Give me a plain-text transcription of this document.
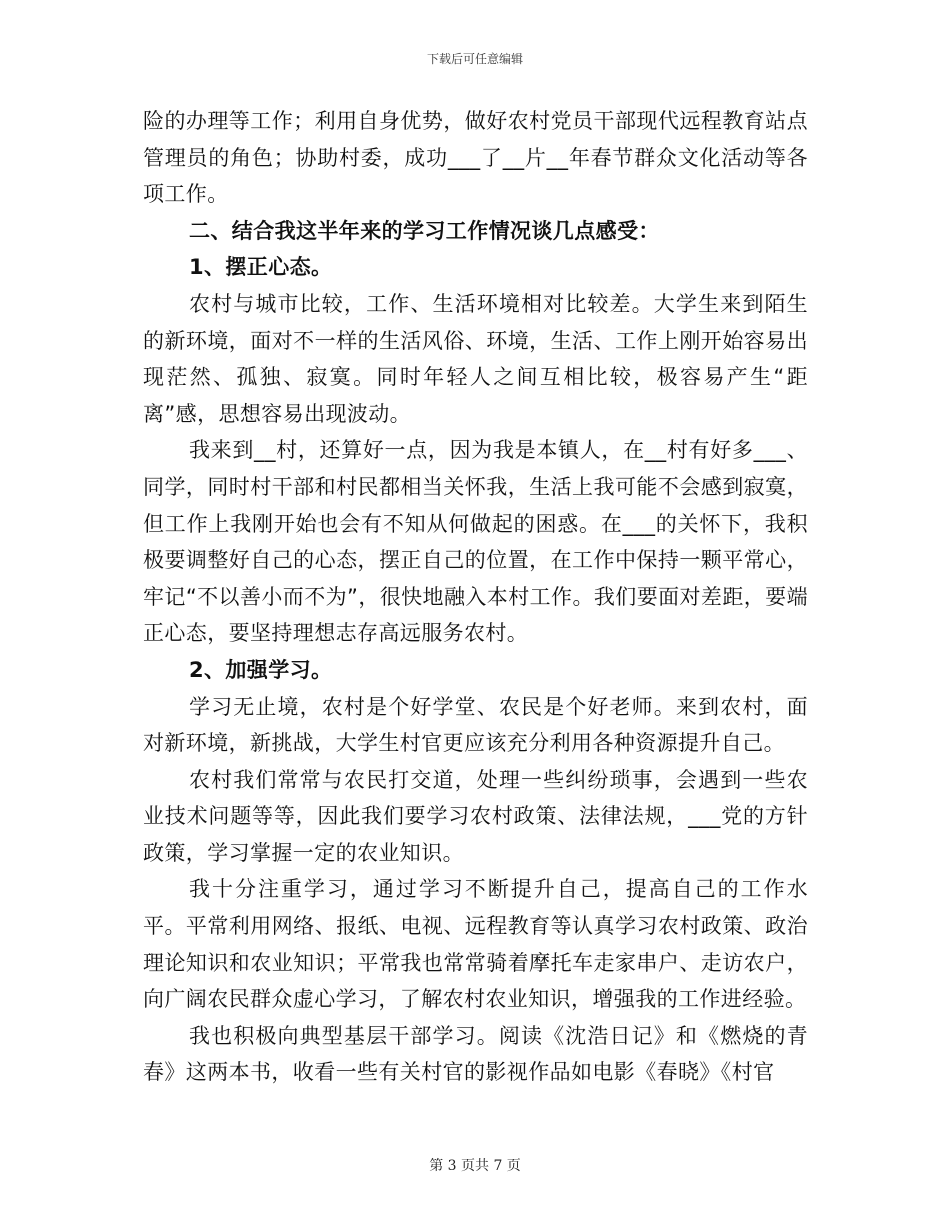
下载后可任意编辑

险的办理等工作；利用自身优势，做好农村党员干部现代远程教育站点管理员的角色；协助村委，成功___了__片__年春节群众文化活动等各项工作。

二、结合我这半年来的学习工作情况谈几点感受：

1、摆正心态。

农村与城市比较，工作、生活环境相对比较差。大学生来到陌生的新环境，面对不一样的生活风俗、环境，生活、工作上刚开始容易出现茫然、孤独、寂寞。同时年轻人之间互相比较，极容易产生“距离”感，思想容易出现波动。

我来到__村，还算好一点，因为我是本镇人，在__村有好多___、同学，同时村干部和村民都相当关怀我，生活上我可能不会感到寂寞，但工作上我刚开始也会有不知从何做起的困惑。在___的关怀下，我积极要调整好自己的心态，摆正自己的位置，在工作中保持一颗平常心，牢记“不以善小而不为”，很快地融入本村工作。我们要面对差距，要端正心态，要坚持理想志存高远服务农村。

2、加强学习。

学习无止境，农村是个好学堂、农民是个好老师。来到农村，面对新环境，新挑战，大学生村官更应该充分利用各种资源提升自己。

农村我们常常与农民打交道，处理一些纠纷琐事，会遇到一些农业技术问题等等，因此我们要学习农村政策、法律法规，___党的方针政策，学习掌握一定的农业知识。

我十分注重学习，通过学习不断提升自己，提高自己的工作水平。平常利用网络、报纸、电视、远程教育等认真学习农村政策、政治理论知识和农业知识；平常我也常常骑着摩托车走家串户、走访农户，向广阔农民群众虚心学习，了解农村农业知识，增强我的工作进经验。

我也积极向典型基层干部学习。阅读《沈浩日记》和《燃烧的青春》这两本书，收看一些有关村官的影视作品如电影《春晓》《村官

第 3 页共 7 页
